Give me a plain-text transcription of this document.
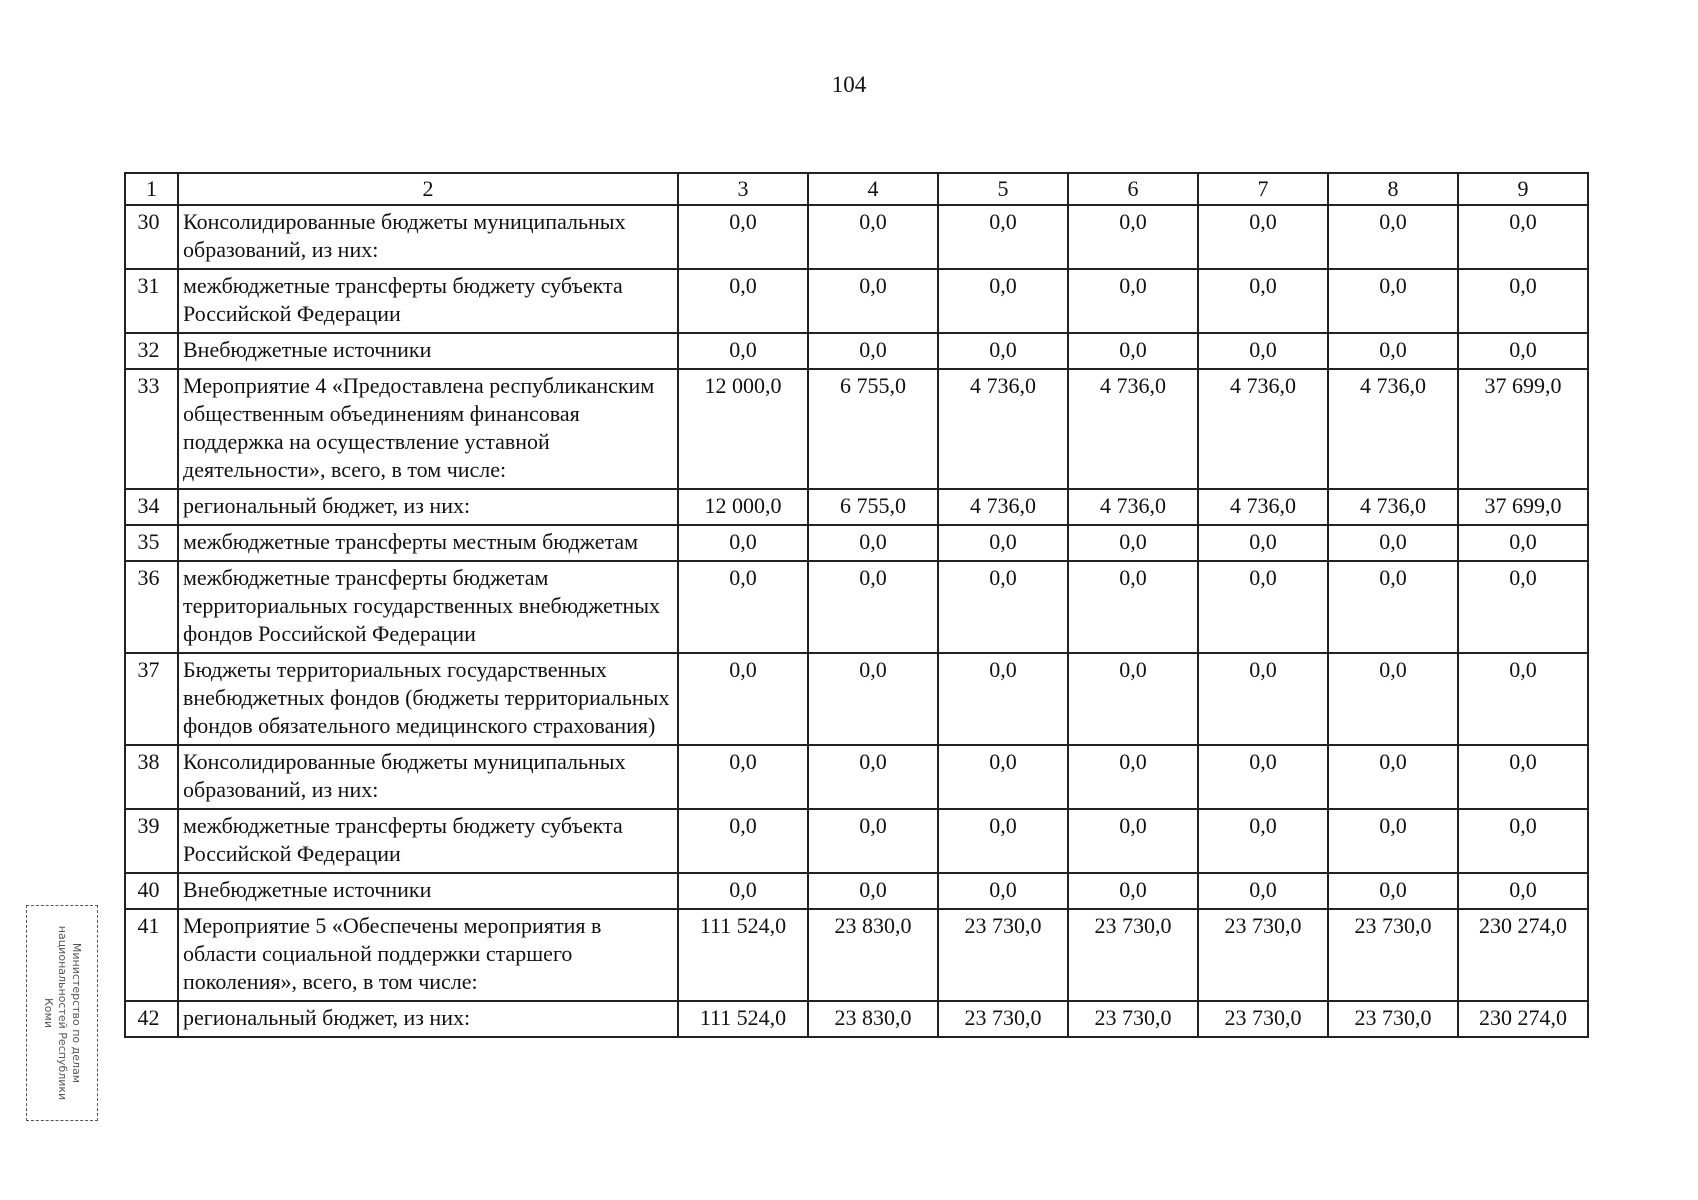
104
1	2	3	4	5	6	7	8	9
30	Консолидированные бюджеты муниципальных образований, из них:	0,0	0,0	0,0	0,0	0,0	0,0	0,0
31	межбюджетные трансферты бюджету субъекта Российской Федерации	0,0	0,0	0,0	0,0	0,0	0,0	0,0
32	Внебюджетные источники	0,0	0,0	0,0	0,0	0,0	0,0	0,0
33	Мероприятие 4 «Предоставлена республиканским общественным объединениям финансовая поддержка на осуществление уставной деятельности», всего, в том числе:	12 000,0	6 755,0	4 736,0	4 736,0	4 736,0	4 736,0	37 699,0
34	региональный бюджет, из них:	12 000,0	6 755,0	4 736,0	4 736,0	4 736,0	4 736,0	37 699,0
35	межбюджетные трансферты местным бюджетам	0,0	0,0	0,0	0,0	0,0	0,0	0,0
36	межбюджетные трансферты бюджетам территориальных государственных внебюджетных фондов Российской Федерации	0,0	0,0	0,0	0,0	0,0	0,0	0,0
37	Бюджеты территориальных государственных внебюджетных фондов (бюджеты территориальных фондов обязательного медицинского страхования)	0,0	0,0	0,0	0,0	0,0	0,0	0,0
38	Консолидированные бюджеты муниципальных образований, из них:	0,0	0,0	0,0	0,0	0,0	0,0	0,0
39	межбюджетные трансферты бюджету субъекта Российской Федерации	0,0	0,0	0,0	0,0	0,0	0,0	0,0
40	Внебюджетные источники	0,0	0,0	0,0	0,0	0,0	0,0	0,0
41	Мероприятие 5 «Обеспечены мероприятия в области социальной поддержки старшего поколения», всего, в том числе:	111 524,0	23 830,0	23 730,0	23 730,0	23 730,0	23 730,0	230 274,0
42	региональный бюджет, из них:	111 524,0	23 830,0	23 730,0	23 730,0	23 730,0	23 730,0	230 274,0
Министерство по делам
национальностей Республики
Коми
